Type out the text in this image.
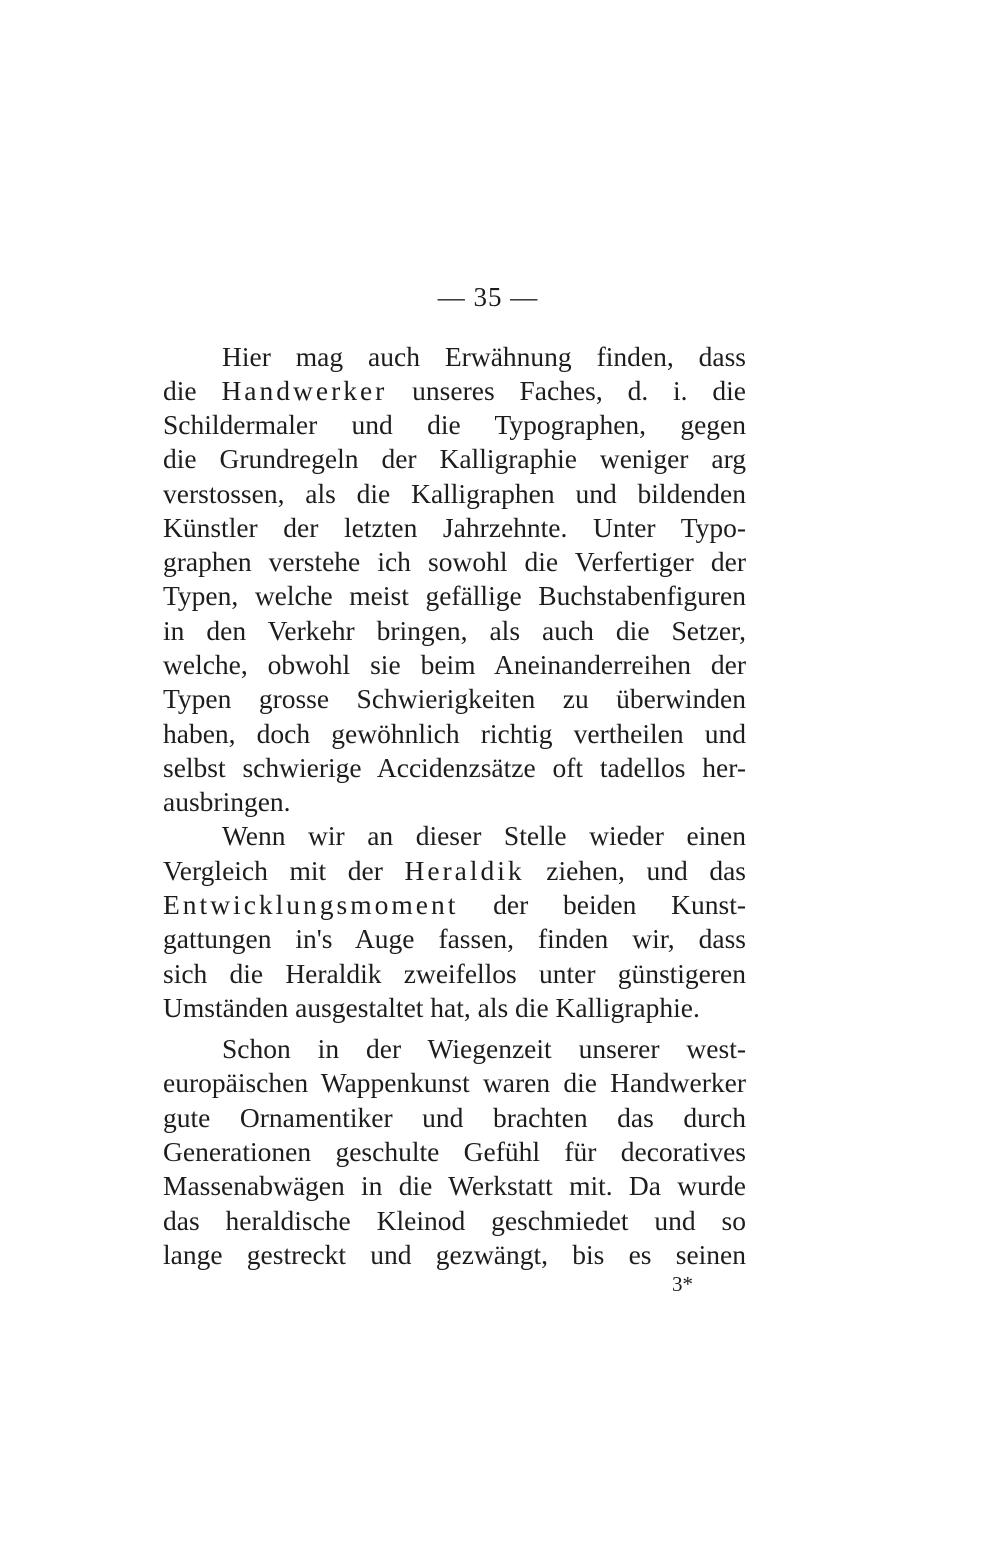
— 35 —
Hier mag auch Erwähnung finden, dass
die Handwerker unseres Faches, d. i. die
Schildermaler und die Typographen, gegen
die Grundregeln der Kalligraphie weniger arg
verstossen, als die Kalligraphen und bildenden
Künstler der letzten Jahrzehnte. Unter Typo-
graphen verstehe ich sowohl die Verfertiger der
Typen, welche meist gefällige Buchstabenfiguren
in den Verkehr bringen, als auch die Setzer,
welche, obwohl sie beim Aneinanderreihen der
Typen grosse Schwierigkeiten zu überwinden
haben, doch gewöhnlich richtig vertheilen und
selbst schwierige Accidenzsätze oft tadellos her-
ausbringen.
Wenn wir an dieser Stelle wieder einen
Vergleich mit der Heraldik ziehen, und das
Entwicklungsmoment der beiden Kunst-
gattungen in's Auge fassen, finden wir, dass
sich die Heraldik zweifellos unter günstigeren
Umständen ausgestaltet hat, als die Kalligraphie.
Schon in der Wiegenzeit unserer west-
europäischen Wappenkunst waren die Handwerker
gute Ornamentiker und brachten das durch
Generationen geschulte Gefühl für decoratives
Massenabwägen in die Werkstatt mit. Da wurde
das heraldische Kleinod geschmiedet und so
lange gestreckt und gezwängt, bis es seinen
3*
